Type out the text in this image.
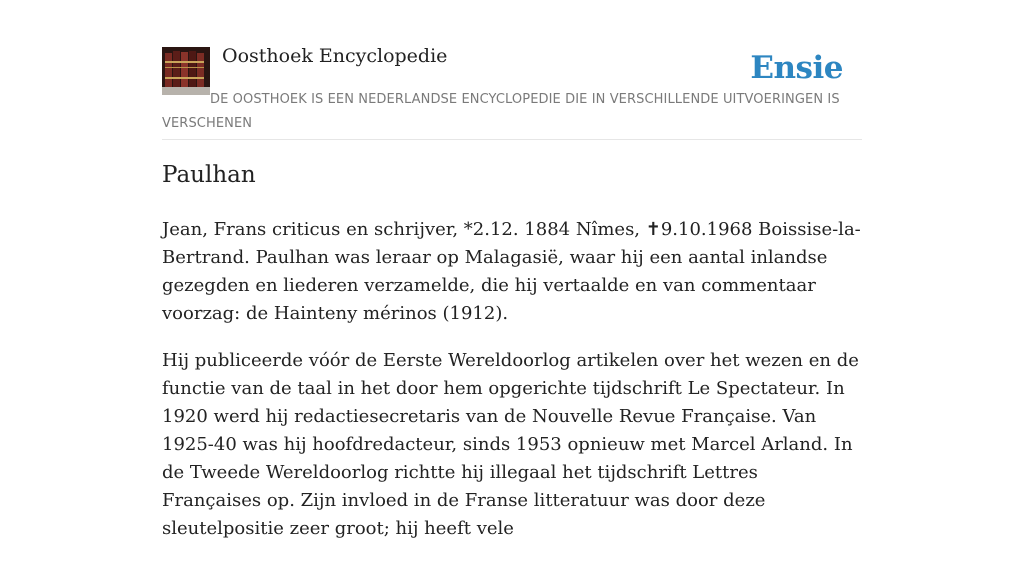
Oosthoek Encyclopedie	Ensie

DE OOSTHOEK IS EEN NEDERLANDSE ENCYCLOPEDIE DIE IN VERSCHILLENDE UITVOERINGEN IS VERSCHENEN

Paulhan

Jean, Frans criticus en schrijver, *2.12. 1884 Nîmes, ✝9.10.1968 Boissise-la-Bertrand. Paulhan was leraar op Malagasië, waar hij een aantal inlandse gezegden en liederen verzamelde, die hij vertaalde en van commentaar voorzag: de Hainteny mérinos (1912).

Hij publiceerde vóór de Eerste Wereldoorlog artikelen over het wezen en de functie van de taal in het door hem opgerichte tijdschrift Le Spectateur. In 1920 werd hij redactiesecretaris van de Nouvelle Revue Française. Van 1925-40 was hij hoofdredacteur, sinds 1953 opnieuw met Marcel Arland. In de Tweede Wereldoorlog richtte hij illegaal het tijdschrift Lettres Françaises op. Zijn invloed in de Franse litteratuur was door deze sleutelpositie zeer groot; hij heeft vele
